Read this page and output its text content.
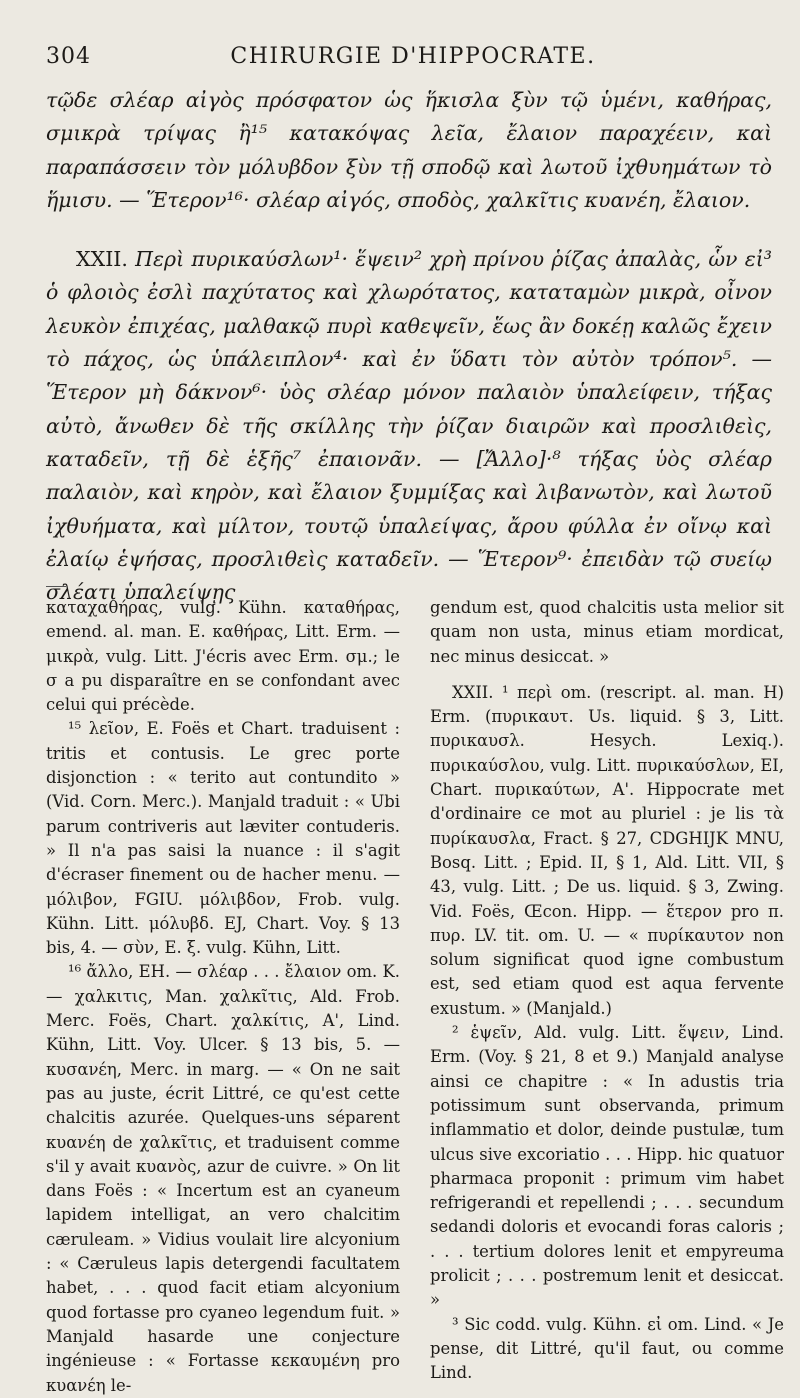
304	CHIRURGIE D'HIPPOCRATE.

τῷδε σλέαρ αἰγὸς πρόσφατον ὡς ἥκισλα ξὺν τῷ ὑμένι, καθήρας, σμικρὰ τρίψας ἢ¹⁵ κατακόψας λεῖα, ἔλαιον παραχέειν, καὶ παραπάσσειν τὸν μόλυβδον ξὺν τῇ σποδῷ καὶ λωτοῦ ἰχθυημάτων τὸ ἥμισυ. — Ἕτερον¹⁶· σλέαρ αἰγός, σποδὸς, χαλκῖτις κυανέη, ἔλαιον.

XXII. Περὶ πυρικαύσλων¹· ἕψειν² χρὴ πρίνου ῥίζας ἀπαλὰς, ὧν εἰ³ ὁ φλοιὸς ἐσλὶ παχύτατος καὶ χλωρότατος, καταταμὼν μικρὰ, οἶνον λευκὸν ἐπιχέας, μαλθακῷ πυρὶ καθεψεῖν, ἕως ἂν δοκέῃ καλῶς ἔχειν τὸ πάχος, ὡς ὑπάλειπλον⁴· καὶ ἐν ὕδατι τὸν αὐτὸν τρόπον⁵. — Ἕτερον μὴ δάκνον⁶· ὑὸς σλέαρ μόνον παλαιὸν ὑπαλείφειν, τήξας αὐτὸ, ἄνωθεν δὲ τῆς σκίλλης τὴν ῥίζαν διαιρῶν καὶ προσλιθεὶς, καταδεῖν, τῇ δὲ ἑξῆς⁷ ἐπαιονᾶν. — [Ἄλλο]·⁸ τήξας ὑὸς σλέαρ παλαιὸν, καὶ κηρὸν, καὶ ἔλαιον ξυμμίξας καὶ λιβανωτὸν, καὶ λωτοῦ ἰχθυήματα, καὶ μίλτον, τουτῷ ὑπαλείψας, ἄρου φύλλα ἐν οἴνῳ καὶ ἐλαίῳ ἑψήσας, προσλιθεὶς καταδεῖν. — Ἕτερον⁹· ἐπειδὰν τῷ συείῳ σλέατι ὑπαλείψῃς

καταχαθήρας, vulg. Kühn. καταθήρας, emend. al. man. E. καθήρας, Litt. Erm. — μικρὰ, vulg. Litt. J'écris avec Erm. σμ.; le σ a pu disparaître en se confondant avec celui qui précède.

¹⁵ λεῖον, E. Foës et Chart. traduisent : tritis et contusis. Le grec porte disjonction : « terito aut contundito » (Vid. Corn. Merc.). Manjald traduit : « Ubi parum contriveris aut læviter contuderis. » Il n'a pas saisi la nuance : il s'agit d'écraser finement ou de hacher menu. — μόλιβον, FGIU. μόλιβδον, Frob. vulg. Kühn. Litt. μόλυβδ. EJ, Chart. Voy. § 13 bis, 4. — σὺν, E. ξ. vulg. Kühn, Litt.

¹⁶ ἄλλο, EH. — σλέαρ . . . ἔλαιον om. K. — χαλκιτις, Man. χαλκῖτις, Ald. Frob. Merc. Foës, Chart. χαλκίτις, A', Lind. Kühn, Litt. Voy. Ulcer. § 13 bis, 5. — κυσανέη, Merc. in marg. — « On ne sait pas au juste, écrit Littré, ce qu'est cette chalcitis azurée. Quelques-uns séparent κυανέη de χαλκῖτις, et traduisent comme s'il y avait κυανὸς, azur de cuivre. » On lit dans Foës : « Incertum est an cyaneum lapidem intelligat, an vero chalcitim cæruleam. » Vidius voulait lire alcyonium : « Cæruleus lapis detergendi facultatem habet, . . . quod facit etiam alcyonium quod fortasse pro cyaneo legendum fuit. » Manjald hasarde une conjecture ingénieuse : « Fortasse κεκαυμένη pro κυανέη le-

gendum est, quod chalcitis usta melior sit quam non usta, minus etiam mordicat, nec minus desiccat. »

XXII. ¹ περὶ om. (rescript. al. man. H) Erm. (πυρικαυτ. Us. liquid. § 3, Litt. πυρικαυσλ. Hesych. Lexiq.). πυρικαύσλου, vulg. Litt. πυρικαύσλων, EI, Chart. πυρικαύτων, A'. Hippocrate met d'ordinaire ce mot au pluriel : je lis τὰ πυρίκαυσλα, Fract. § 27, CDGHIJK MNU, Bosq. Litt. ; Epid. II, § 1, Ald. Litt. VII, § 43, vulg. Litt. ; De us. liquid. § 3, Zwing. Vid. Foës, Œcon. Hipp. — ἕτερον pro π. πυρ. LV. tit. om. U. — « πυρίκαυτον non solum significat quod igne combustum est, sed etiam quod est aqua fervente exustum. » (Manjald.)

² ἑψεῖν, Ald. vulg. Litt. ἕψειν, Lind. Erm. (Voy. § 21, 8 et 9.) Manjald analyse ainsi ce chapitre : « In adustis tria potissimum sunt observanda, primum inflammatio et dolor, deinde pustulæ, tum ulcus sive excoriatio . . . Hipp. hic quatuor pharmaca proponit : primum vim habet refrigerandi et repellendi ; . . . secundum sedandi doloris et evocandi foras caloris ; . . . tertium dolores lenit et empyreuma prolicit ; . . . postremum lenit et desiccat. »

³ Sic codd. vulg. Kühn. εἰ om. Lind. « Je pense, dit Littré, qu'il faut, ou comme Lind.
